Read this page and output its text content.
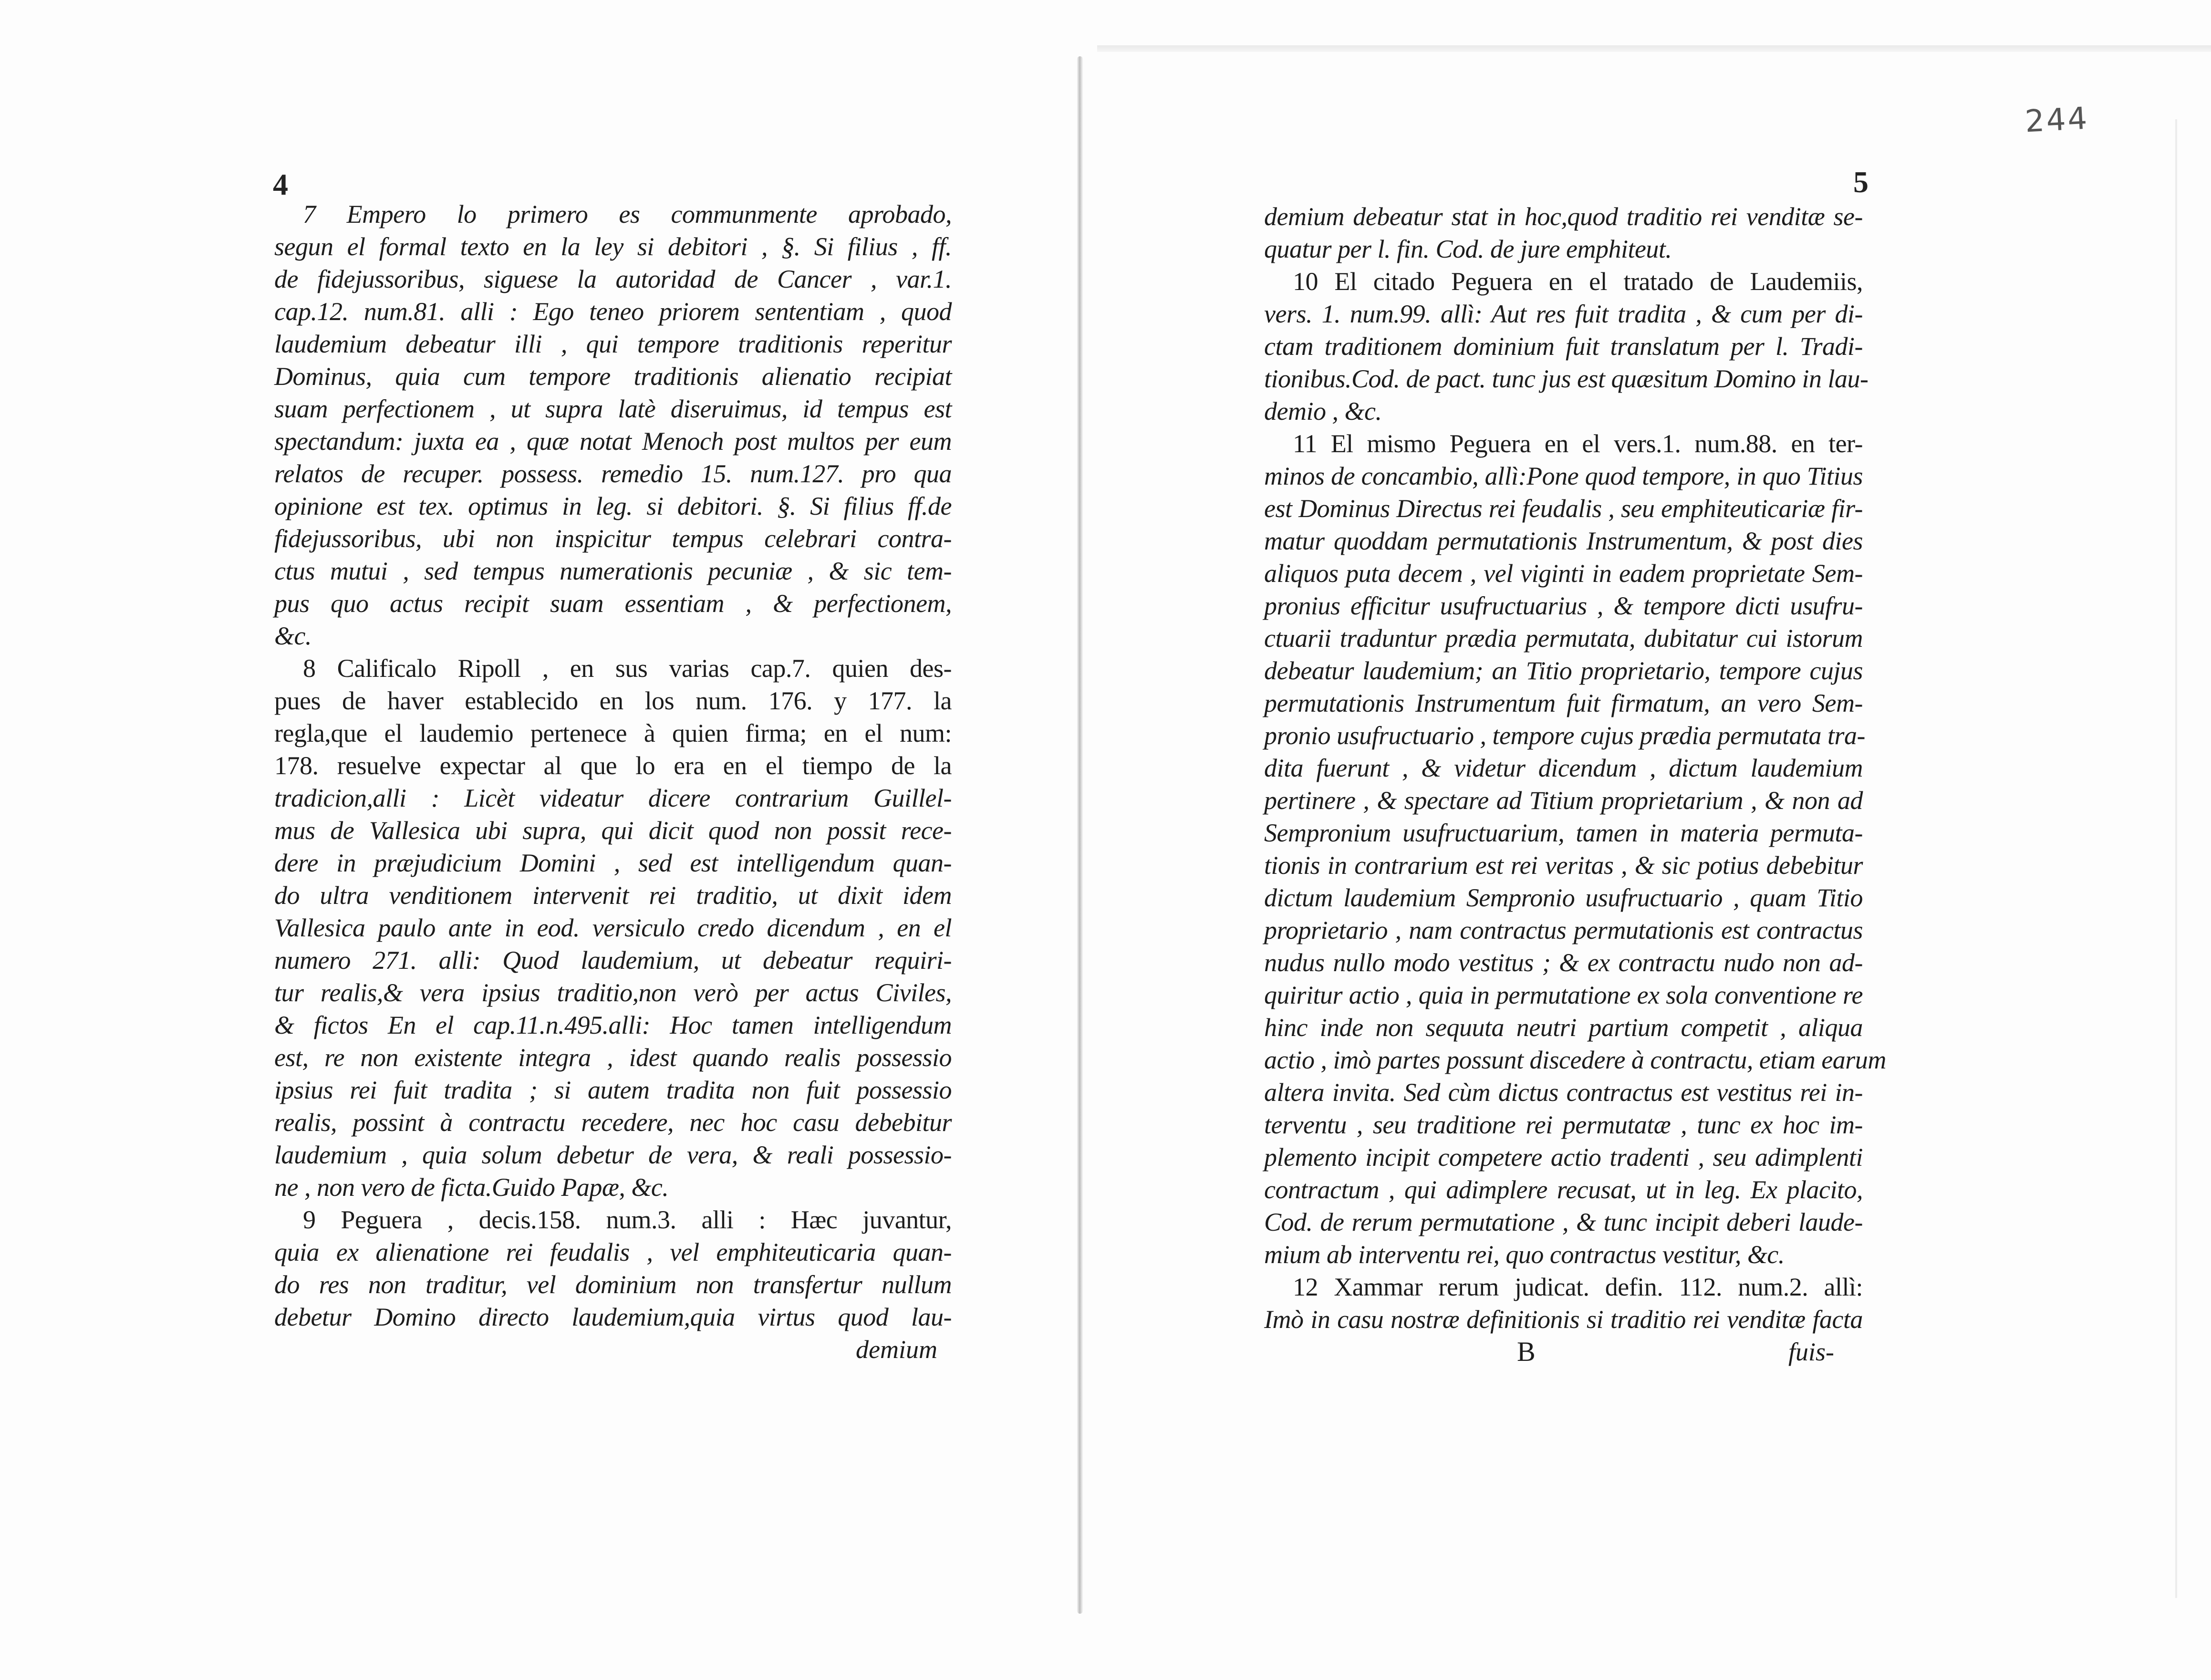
4
7 Empero lo primero es communmente aprobado,
segun el formal texto en la ley si debitori , §. Si filius , ff.
de fidejussoribus, siguese la autoridad de Cancer , var.1.
cap.12. num.81. alli : Ego teneo priorem sententiam , quod
laudemium debeatur illi , qui tempore traditionis reperitur
Dominus, quia cum tempore traditionis alienatio recipiat
suam perfectionem , ut supra latè diseruimus, id tempus est
spectandum: juxta ea , quæ notat Menoch post multos per eum
relatos de recuper. possess. remedio 15. num.127. pro qua
opinione est tex. optimus in leg. si debitori. §. Si filius ff.de
fidejussoribus, ubi non inspicitur tempus celebrari contra-
ctus mutui , sed tempus numerationis pecuniæ , & sic tem-
pus quo actus recipit suam essentiam , & perfectionem,
&c.
8 Calificalo Ripoll , en sus varias cap.7. quien des-
pues de haver establecido en los num. 176. y 177. la
regla,que el laudemio pertenece à quien firma; en el num:
178. resuelve expectar al que lo era en el tiempo de la
tradicion,alli : Licèt videatur dicere contrarium Guillel-
mus de Vallesica ubi supra, qui dicit quod non possit rece-
dere in præjudicium Domini , sed est intelligendum quan-
do ultra venditionem intervenit rei traditio, ut dixit idem
Vallesica paulo ante in eod. versiculo credo dicendum , en el
numero 271. alli: Quod laudemium, ut debeatur requiri-
tur realis,& vera ipsius traditio,non verò per actus Civiles,
& fictos En el cap.11.n.495.alli: Hoc tamen intelligendum
est, re non existente integra , idest quando realis possessio
ipsius rei fuit tradita ; si autem tradita non fuit possessio
realis, possint à contractu recedere, nec hoc casu debebitur
laudemium , quia solum debetur de vera, & reali possessio-
ne , non vero de ficta.Guido Papæ, &c.
9 Peguera , decis.158. num.3. alli : Hæc juvantur,
quia ex alienatione rei feudalis , vel emphiteuticaria quan-
do res non traditur, vel dominium non transfertur nullum
debetur Domino directo laudemium,quia virtus quod lau-
demium
5
244
demium debeatur stat in hoc,quod traditio rei venditæ se-
quatur per l. fin. Cod. de jure emphiteut.
10 El citado Peguera en el tratado de Laudemiis,
vers. 1. num.99. allì: Aut res fuit tradita , & cum per di-
ctam traditionem dominium fuit translatum per l. Tradi-
tionibus.Cod. de pact. tunc jus est quæsitum Domino in lau-
demio , &c.
11 El mismo Peguera en el vers.1. num.88. en ter-
minos de concambio, allì:Pone quod tempore, in quo Titius
est Dominus Directus rei feudalis , seu emphiteuticariæ fir-
matur quoddam permutationis Instrumentum, & post dies
aliquos puta decem , vel viginti in eadem proprietate Sem-
pronius efficitur usufructuarius , & tempore dicti usufru-
ctuarii traduntur prædia permutata, dubitatur cui istorum
debeatur laudemium; an Titio proprietario, tempore cujus
permutationis Instrumentum fuit firmatum, an vero Sem-
pronio usufructuario , tempore cujus prædia permutata tra-
dita fuerunt , & videtur dicendum , dictum laudemium
pertinere , & spectare ad Titium proprietarium , & non ad
Sempronium usufructuarium, tamen in materia permuta-
tionis in contrarium est rei veritas , & sic potius debebitur
dictum laudemium Sempronio usufructuario , quam Titio
proprietario , nam contractus permutationis est contractus
nudus nullo modo vestitus ; & ex contractu nudo non ad-
quiritur actio , quia in permutatione ex sola conventione re
hinc inde non sequuta neutri partium competit , aliqua
actio , imò partes possunt discedere à contractu, etiam earum
altera invita. Sed cùm dictus contractus est vestitus rei in-
terventu , seu traditione rei permutatæ , tunc ex hoc im-
plemento incipit competere actio tradenti , seu adimplenti
contractum , qui adimplere recusat, ut in leg. Ex placito,
Cod. de rerum permutatione , & tunc incipit deberi laude-
mium ab interventu rei, quo contractus vestitur, &c.
12 Xammar rerum judicat. defin. 112. num.2. allì:
Imò in casu nostræ definitionis si traditio rei venditæ facta
B	fuis-
